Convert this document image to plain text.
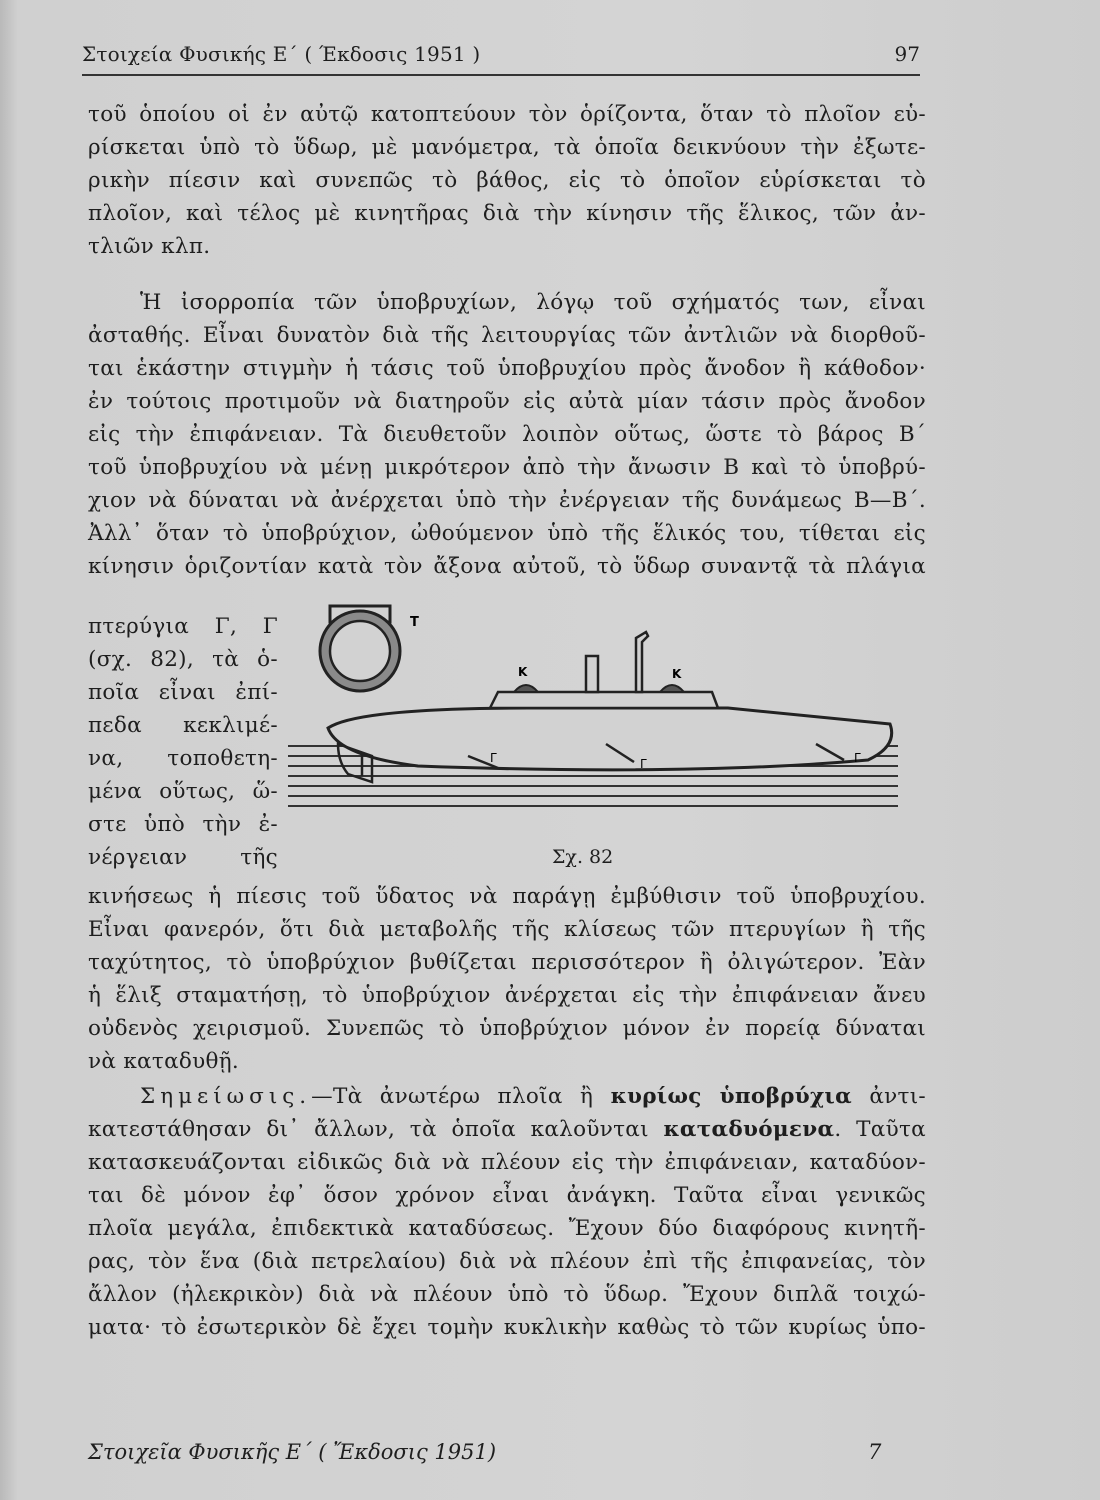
Στοιχεία Φυσικής Ε΄ ( Έκδοσις 1951 )	97

τοῦ ὁποίου οἱ ἐν αὐτῷ κατοπτεύουν τὸν ὁρίζοντα, ὅταν τὸ πλοῖον εὑ-

ρίσκεται ὑπὸ τὸ ὕδωρ, μὲ μανόμετρα, τὰ ὁποῖα δεικνύουν τὴν ἐξωτε-

ρικὴν πίεσιν καὶ συνεπῶς τὸ βάθος, εἰς τὸ ὁποῖον εὑρίσκεται τὸ

πλοῖον, καὶ τέλος μὲ κινητῆρας διὰ τὴν κίνησιν τῆς ἕλικος, τῶν ἀν-

τλιῶν κλπ.

Ἡ ἰσορροπία τῶν ὑποβρυχίων, λόγῳ τοῦ σχήματός των, εἶναι

ἀσταθής. Εἶναι δυνατὸν διὰ τῆς λειτουργίας τῶν ἀντλιῶν νὰ διορθοῦ-

ται ἑκάστην στιγμὴν ἡ τάσις τοῦ ὑποβρυχίου πρὸς ἄνοδον ἢ κάθοδον·

ἐν τούτοις προτιμοῦν νὰ διατηροῦν εἰς αὐτὰ μίαν τάσιν πρὸς ἄνοδον

εἰς τὴν ἐπιφάνειαν. Τὰ διευθετοῦν λοιπὸν οὕτως, ὥστε τὸ βάρος Β΄

τοῦ ὑποβρυχίου νὰ μένῃ μικρότερον ἀπὸ τὴν ἄνωσιν Β καὶ τὸ ὑποβρύ-

χιον νὰ δύναται νὰ ἀνέρχεται ὑπὸ τὴν ἐνέργειαν τῆς δυνάμεως Β—Β΄.

Ἀλλ᾽ ὅταν τὸ ὑποβρύχιον, ὠθούμενον ὑπὸ τῆς ἕλικός του, τίθεται εἰς

κίνησιν ὁριζοντίαν κατὰ τὸν ἄξονα αὐτοῦ, τὸ ὕδωρ συναντᾷ τὰ πλάγια

πτερύγια Γ, Γ

(σχ. 82), τὰ ὁ-

ποῖα εἶναι ἐπί-

πεδα κεκλιμέ-

να, τοποθετη-

μένα οὕτως, ὥ-

στε ὑπὸ τὴν ἐ-

νέργειαν τῆς

Τ
Κ	Κ
Γ	Γ	Γ
Σχ. 82

κινήσεως ἡ πίεσις τοῦ ὕδατος νὰ παράγῃ ἐμβύθισιν τοῦ ὑποβρυχίου.

Εἶναι φανερόν, ὅτι διὰ μεταβολῆς τῆς κλίσεως τῶν πτερυγίων ἢ τῆς

ταχύτητος, τὸ ὑποβρύχιον βυθίζεται περισσότερον ἢ ὀλιγώτερον. Ἐὰν

ἡ ἕλιξ σταματήσῃ, τὸ ὑποβρύχιον ἀνέρχεται εἰς τὴν ἐπιφάνειαν ἄνευ

οὐδενὸς χειρισμοῦ. Συνεπῶς τὸ ὑποβρύχιον μόνον ἐν πορείᾳ δύναται

νὰ καταδυθῇ.

Σημείωσις.—Τὰ ἀνωτέρω πλοῖα ἢ κυρίως ὑποβρύχια ἀντι-

κατεστάθησαν δι᾽ ἄλλων, τὰ ὁποῖα καλοῦνται καταδυόμενα. Ταῦτα

κατασκευάζονται εἰδικῶς διὰ νὰ πλέουν εἰς τὴν ἐπιφάνειαν, καταδύον-

ται δὲ μόνον ἐφ᾽ ὅσον χρόνον εἶναι ἀνάγκη. Ταῦτα εἶναι γενικῶς

πλοῖα μεγάλα, ἐπιδεκτικὰ καταδύσεως. Ἔχουν δύο διαφόρους κινητῆ-

ρας, τὸν ἕνα (διὰ πετρελαίου) διὰ νὰ πλέουν ἐπὶ τῆς ἐπιφανείας, τὸν

ἄλλον (ἠλεκρικὸν) διὰ νὰ πλέουν ὑπὸ τὸ ὕδωρ. Ἔχουν διπλᾶ τοιχώ-

ματα· τὸ ἐσωτερικὸν δὲ ἔχει τομὴν κυκλικὴν καθὼς τὸ τῶν κυρίως ὑπο-

Στοιχεῖα Φυσικῆς Ε΄ ( Ἔκδοσις 1951)	7
